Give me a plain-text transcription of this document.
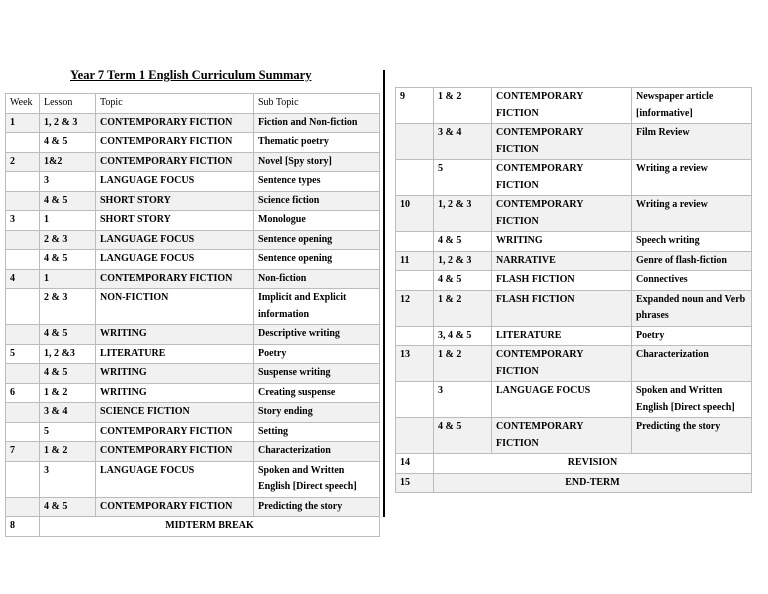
Year 7 Term 1 English Curriculum Summary
Week	Lesson	Topic	Sub Topic
1	1, 2 & 3	CONTEMPORARY FICTION	Fiction and Non-fiction
	4 & 5	CONTEMPORARY FICTION	Thematic poetry
2	1&2	CONTEMPORARY FICTION	Novel [Spy story]
	3	LANGUAGE FOCUS	Sentence types
	4 & 5	SHORT STORY	Science fiction
3	1	SHORT STORY	Monologue
	2 & 3	LANGUAGE FOCUS	Sentence opening
	4 & 5	LANGUAGE FOCUS	Sentence opening
4	1	CONTEMPORARY FICTION	Non-fiction
	2 & 3	NON-FICTION	Implicit and Explicit information
	4 & 5	WRITING	Descriptive writing
5	1, 2 &3	LITERATURE	Poetry
	4 & 5	WRITING	Suspense writing
6	1 & 2	WRITING	Creating suspense
	3 & 4	SCIENCE FICTION	Story ending
	5	CONTEMPORARY FICTION	Setting
7	1 & 2	CONTEMPORARY FICTION	Characterization
	3	LANGUAGE FOCUS	Spoken and Written English [Direct speech]
	4 & 5	CONTEMPORARY FICTION	Predicting the story
8	MIDTERM BREAK		
9	1 & 2	CONTEMPORARY FICTION	Newspaper article [informative]
	3 & 4	CONTEMPORARY FICTION	Film Review
	5	CONTEMPORARY FICTION	Writing a review
10	1, 2 & 3	CONTEMPORARY FICTION	Writing a review
	4 & 5	WRITING	Speech writing
11	1, 2 & 3	NARRATIVE	Genre of flash-fiction
	4 & 5	FLASH FICTION	Connectives
12	1 & 2	FLASH FICTION	Expanded noun and Verb phrases
	3, 4 & 5	LITERATURE	Poetry
13	1 & 2	CONTEMPORARY FICTION	Characterization
	3	LANGUAGE FOCUS	Spoken and Written English [Direct speech]
	4 & 5	CONTEMPORARY FICTION	Predicting the story
14	REVISION		
15	END-TERM		
